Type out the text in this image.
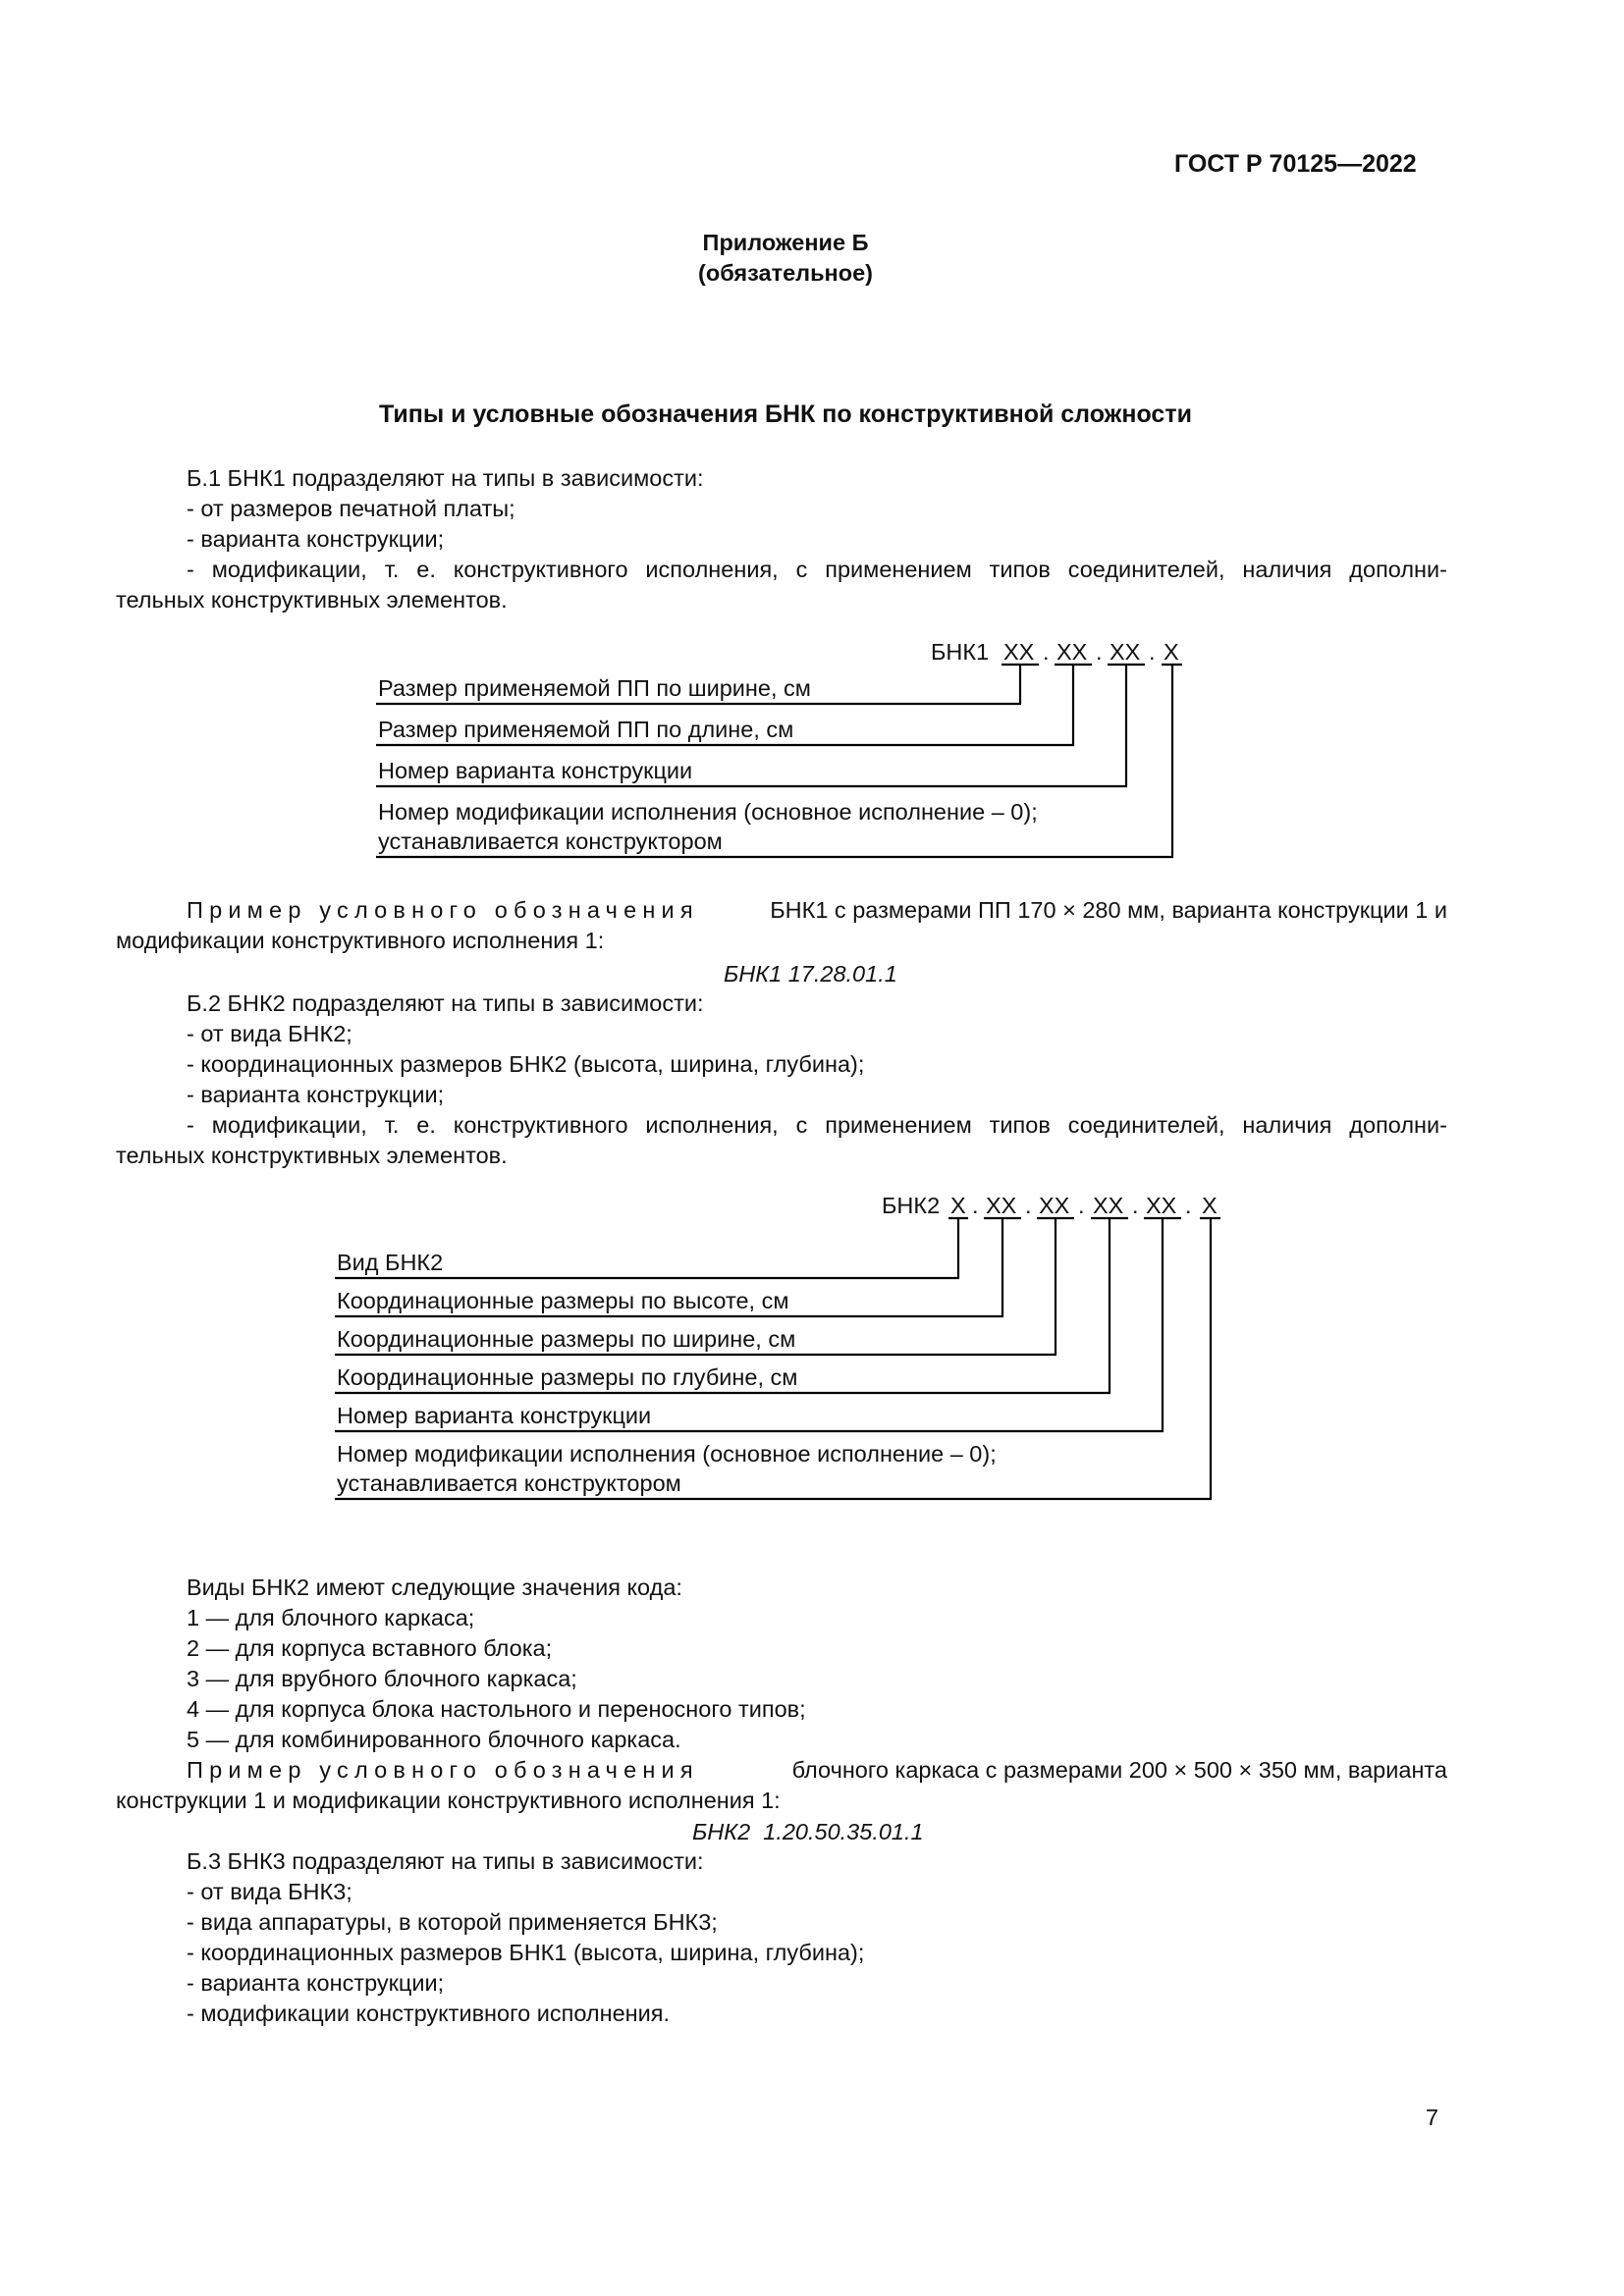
ГОСТ Р 70125—2022
Приложение Б
(обязательное)
Типы и условные обозначения БНК по конструктивной сложности
Б.1 БНК1 подразделяют на типы в зависимости:
- от размеров печатной платы;
- варианта конструкции;
- модификации, т. е. конструктивного исполнения, с применением типов соединителей, наличия дополни-
тельных конструктивных элементов.
БНК1 XX . XX . XX . X
Размер применяемой ПП по ширине, см
Размер применяемой ПП по длине, см
Номер варианта конструкции
Номер модификации исполнения (основное исполнение – 0);
устанавливается конструктором
Пример условного обозначения	БНК1 с размерами ПП 170 × 280 мм, варианта конструкции 1 и
модификации конструктивного исполнения 1:
БНК1 17.28.01.1
Б.2 БНК2 подразделяют на типы в зависимости:
- от вида БНК2;
- координационных размеров БНК2 (высота, ширина, глубина);
- варианта конструкции;
- модификации, т. е. конструктивного исполнения, с применением типов соединителей, наличия дополни-
тельных конструктивных элементов.
БНК2 X . XX . XX . XX . XX . X
Вид БНК2
Координационные размеры по высоте, см
Координационные размеры по ширине, см
Координационные размеры по глубине, см
Номер варианта конструкции
Номер модификации исполнения (основное исполнение – 0);
устанавливается конструктором
Виды БНК2 имеют следующие значения кода:
1 — для блочного каркаса;
2 — для корпуса вставного блока;
3 — для врубного блочного каркаса;
4 — для корпуса блока настольного и переносного типов;
5 — для комбинированного блочного каркаса.
Пример условного обозначения	блочного каркаса с размерами 200 × 500 × 350 мм, варианта
конструкции 1 и модификации конструктивного исполнения 1:
БНК2  1.20.50.35.01.1
Б.3 БНК3 подразделяют на типы в зависимости:
- от вида БНК3;
- вида аппаратуры, в которой применяется БНК3;
- координационных размеров БНК1 (высота, ширина, глубина);
- варианта конструкции;
- модификации конструктивного исполнения.
7
